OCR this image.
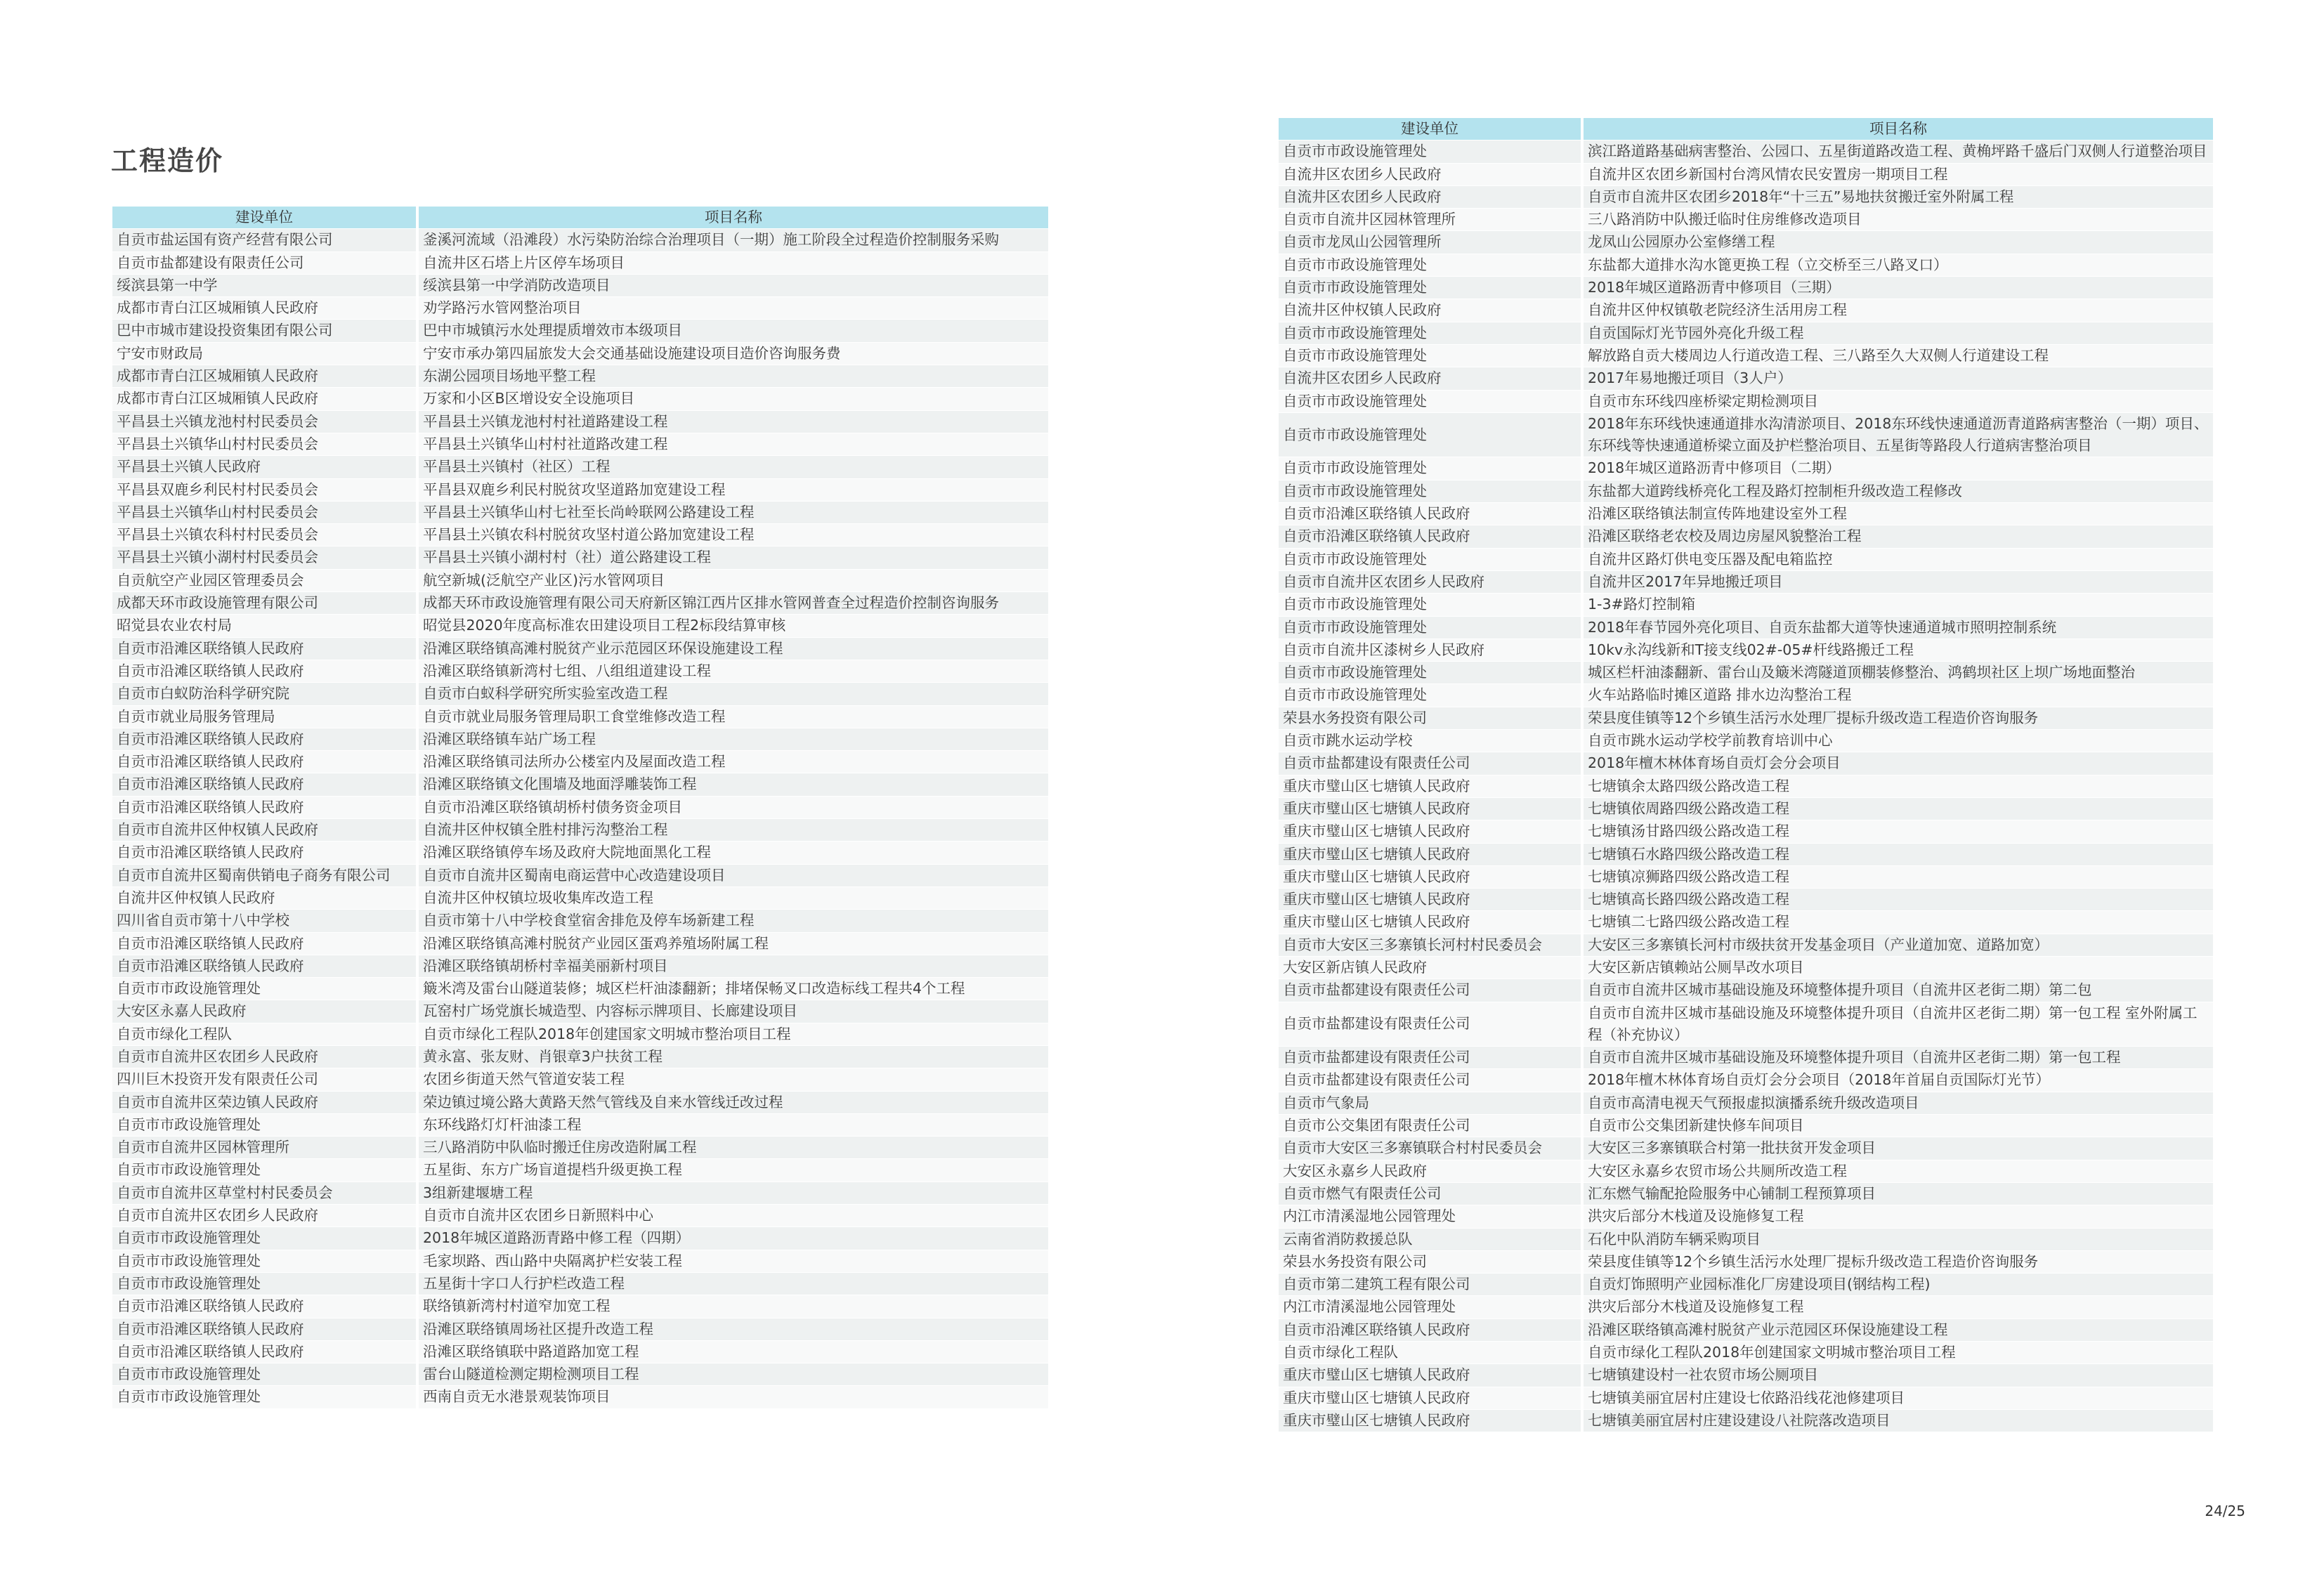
工程造价
建设单位	项目名称
自贡市盐运国有资产经营有限公司	釜溪河流域（沿滩段）水污染防治综合治理项目（一期）施工阶段全过程造价控制服务采购
自贡市盐都建设有限责任公司	自流井区石塔上片区停车场项目
绥滨县第一中学	绥滨县第一中学消防改造项目
成都市青白江区城厢镇人民政府	劝学路污水管网整治项目
巴中市城市建设投资集团有限公司	巴中市城镇污水处理提质增效市本级项目
宁安市财政局	宁安市承办第四届旅发大会交通基础设施建设项目造价咨询服务费
成都市青白江区城厢镇人民政府	东湖公园项目场地平整工程
成都市青白江区城厢镇人民政府	万家和小区B区增设安全设施项目
平昌县土兴镇龙池村村民委员会	平昌县土兴镇龙池村村社道路建设工程
平昌县土兴镇华山村村民委员会	平昌县土兴镇华山村村社道路改建工程
平昌县土兴镇人民政府	平昌县土兴镇村（社区）工程
平昌县双鹿乡利民村村民委员会	平昌县双鹿乡利民村脱贫攻坚道路加宽建设工程
平昌县土兴镇华山村村民委员会	平昌县土兴镇华山村七社至长尚岭联网公路建设工程
平昌县土兴镇农科村村民委员会	平昌县土兴镇农科村脱贫攻坚村道公路加宽建设工程
平昌县土兴镇小湖村村民委员会	平昌县土兴镇小湖村村（社）道公路建设工程
自贡航空产业园区管理委员会	航空新城(泛航空产业区)污水管网项目
成都天环市政设施管理有限公司	成都天环市政设施管理有限公司天府新区锦江西片区排水管网普查全过程造价控制咨询服务
昭觉县农业农村局	昭觉县2020年度高标准农田建设项目工程2标段结算审核
自贡市沿滩区联络镇人民政府	沿滩区联络镇高滩村脱贫产业示范园区环保设施建设工程
自贡市沿滩区联络镇人民政府	沿滩区联络镇新湾村七组、八组组道建设工程
自贡市白蚁防治科学研究院	自贡市白蚁科学研究所实验室改造工程
自贡市就业局服务管理局	自贡市就业局服务管理局职工食堂维修改造工程
自贡市沿滩区联络镇人民政府	沿滩区联络镇车站广场工程
自贡市沿滩区联络镇人民政府	沿滩区联络镇司法所办公楼室内及屋面改造工程
自贡市沿滩区联络镇人民政府	沿滩区联络镇文化围墙及地面浮雕装饰工程
自贡市沿滩区联络镇人民政府	自贡市沿滩区联络镇胡桥村债务资金项目
自贡市自流井区仲权镇人民政府	自流井区仲权镇全胜村排污沟整治工程
自贡市沿滩区联络镇人民政府	沿滩区联络镇停车场及政府大院地面黑化工程
自贡市自流井区蜀南供销电子商务有限公司	自贡市自流井区蜀南电商运营中心改造建设项目
自流井区仲权镇人民政府	自流井区仲权镇垃圾收集库改造工程
四川省自贡市第十八中学校	自贡市第十八中学校食堂宿舍排危及停车场新建工程
自贡市沿滩区联络镇人民政府	沿滩区联络镇高滩村脱贫产业园区蛋鸡养殖场附属工程
自贡市沿滩区联络镇人民政府	沿滩区联络镇胡桥村幸福美丽新村项目
自贡市市政设施管理处	簸米湾及雷台山隧道装修；城区栏杆油漆翻新；排堵保畅叉口改造标线工程共4个工程
大安区永嘉人民政府	瓦窑村广场党旗长城造型、内容标示牌项目、长廊建设项目
自贡市绿化工程队	自贡市绿化工程队2018年创建国家文明城市整治项目工程
自贡市自流井区农团乡人民政府	黄永富、张友财、肖银章3户扶贫工程
四川巨木投资开发有限责任公司	农团乡街道天然气管道安装工程
自贡市自流井区荣边镇人民政府	荣边镇过境公路大黄路天然气管线及自来水管线迁改过程
自贡市市政设施管理处	东环线路灯灯杆油漆工程
自贡市自流井区园林管理所	三八路消防中队临时搬迁住房改造附属工程
自贡市市政设施管理处	五星街、东方广场盲道提档升级更换工程
自贡市自流井区草堂村村民委员会	3组新建堰塘工程
自贡市自流井区农团乡人民政府	自贡市自流井区农团乡日新照料中心
自贡市市政设施管理处	2018年城区道路沥青路中修工程（四期）
自贡市市政设施管理处	毛家坝路、西山路中央隔离护栏安装工程
自贡市市政设施管理处	五星街十字口人行护栏改造工程
自贡市沿滩区联络镇人民政府	联络镇新湾村村道窄加宽工程
自贡市沿滩区联络镇人民政府	沿滩区联络镇周场社区提升改造工程
自贡市沿滩区联络镇人民政府	沿滩区联络镇联中路道路加宽工程
自贡市市政设施管理处	雷台山隧道检测定期检测项目工程
自贡市市政设施管理处	西南自贡无水港景观装饰项目
建设单位	项目名称
自贡市市政设施管理处	滨江路道路基础病害整治、公园口、五星街道路改造工程、黄桷坪路千盛后门双侧人行道整治项目
自流井区农团乡人民政府	自流井区农团乡新国村台湾风情农民安置房一期项目工程
自流井区农团乡人民政府	自贡市自流井区农团乡2018年“十三五”易地扶贫搬迁室外附属工程
自贡市自流井区园林管理所	三八路消防中队搬迁临时住房维修改造项目
自贡市龙凤山公园管理所	龙凤山公园原办公室修缮工程
自贡市市政设施管理处	东盐都大道排水沟水篦更换工程（立交桥至三八路叉口）
自贡市市政设施管理处	2018年城区道路沥青中修项目（三期）
自流井区仲权镇人民政府	自流井区仲权镇敬老院经济生活用房工程
自贡市市政设施管理处	自贡国际灯光节园外亮化升级工程
自贡市市政设施管理处	解放路自贡大楼周边人行道改造工程、三八路至久大双侧人行道建设工程
自流井区农团乡人民政府	2017年易地搬迁项目（3人户）
自贡市市政设施管理处	自贡市东环线四座桥梁定期检测项目
自贡市市政设施管理处	2018年东环线快速通道排水沟清淤项目、2018东环线快速通道沥青道路病害整治（一期）项目、东环线等快速通道桥梁立面及护栏整治项目、五星街等路段人行道病害整治项目
自贡市市政设施管理处	2018年城区道路沥青中修项目（二期）
自贡市市政设施管理处	东盐都大道跨线桥亮化工程及路灯控制柜升级改造工程修改
自贡市沿滩区联络镇人民政府	沿滩区联络镇法制宣传阵地建设室外工程
自贡市沿滩区联络镇人民政府	沿滩区联络老农校及周边房屋风貌整治工程
自贡市市政设施管理处	自流井区路灯供电变压器及配电箱监控
自贡市自流井区农团乡人民政府	自流井区2017年异地搬迁项目
自贡市市政设施管理处	1-3#路灯控制箱
自贡市市政设施管理处	2018年春节园外亮化项目、自贡东盐都大道等快速通道城市照明控制系统
自贡市自流井区漆树乡人民政府	10kv永沟线新和T接支线02#-05#杆线路搬迁工程
自贡市市政设施管理处	城区栏杆油漆翻新、雷台山及簸米湾隧道顶棚装修整治、鸿鹤坝社区上坝广场地面整治
自贡市市政设施管理处	火车站路临时摊区道路 排水边沟整治工程
荣县水务投资有限公司	荣县度佳镇等12个乡镇生活污水处理厂提标升级改造工程造价咨询服务
自贡市跳水运动学校	自贡市跳水运动学校学前教育培训中心
自贡市盐都建设有限责任公司	2018年檀木林体育场自贡灯会分会项目
重庆市璧山区七塘镇人民政府	七塘镇余太路四级公路改造工程
重庆市璧山区七塘镇人民政府	七塘镇依周路四级公路改造工程
重庆市璧山区七塘镇人民政府	七塘镇汤甘路四级公路改造工程
重庆市璧山区七塘镇人民政府	七塘镇石水路四级公路改造工程
重庆市璧山区七塘镇人民政府	七塘镇凉狮路四级公路改造工程
重庆市璧山区七塘镇人民政府	七塘镇高长路四级公路改造工程
重庆市璧山区七塘镇人民政府	七塘镇二七路四级公路改造工程
自贡市大安区三多寨镇长河村村民委员会	大安区三多寨镇长河村市级扶贫开发基金项目（产业道加宽、道路加宽）
大安区新店镇人民政府	大安区新店镇赖站公厕旱改水项目
自贡市盐都建设有限责任公司	自贡市自流井区城市基础设施及环境整体提升项目（自流井区老街二期）第二包
自贡市盐都建设有限责任公司	自贡市自流井区城市基础设施及环境整体提升项目（自流井区老街二期）第一包工程 室外附属工程（补充协议）
自贡市盐都建设有限责任公司	自贡市自流井区城市基础设施及环境整体提升项目（自流井区老街二期）第一包工程
自贡市盐都建设有限责任公司	2018年檀木林体育场自贡灯会分会项目（2018年首届自贡国际灯光节）
自贡市气象局	自贡市高清电视天气预报虚拟演播系统升级改造项目
自贡市公交集团有限责任公司	自贡市公交集团新建快修车间项目
自贡市大安区三多寨镇联合村村民委员会	大安区三多寨镇联合村第一批扶贫开发金项目
大安区永嘉乡人民政府	大安区永嘉乡农贸市场公共厕所改造工程
自贡市燃气有限责任公司	汇东燃气输配抢险服务中心铺制工程预算项目
内江市清溪湿地公园管理处	洪灾后部分木栈道及设施修复工程
云南省消防救援总队	石化中队消防车辆采购项目
荣县水务投资有限公司	荣县度佳镇等12个乡镇生活污水处理厂提标升级改造工程造价咨询服务
自贡市第二建筑工程有限公司	自贡灯饰照明产业园标准化厂房建设项目(钢结构工程)
内江市清溪湿地公园管理处	洪灾后部分木栈道及设施修复工程
自贡市沿滩区联络镇人民政府	沿滩区联络镇高滩村脱贫产业示范园区环保设施建设工程
自贡市绿化工程队	自贡市绿化工程队2018年创建国家文明城市整治项目工程
重庆市璧山区七塘镇人民政府	七塘镇建设村一社农贸市场公厕项目
重庆市璧山区七塘镇人民政府	七塘镇美丽宜居村庄建设七依路沿线花池修建项目
重庆市璧山区七塘镇人民政府	七塘镇美丽宜居村庄建设建设八社院落改造项目
24/25
